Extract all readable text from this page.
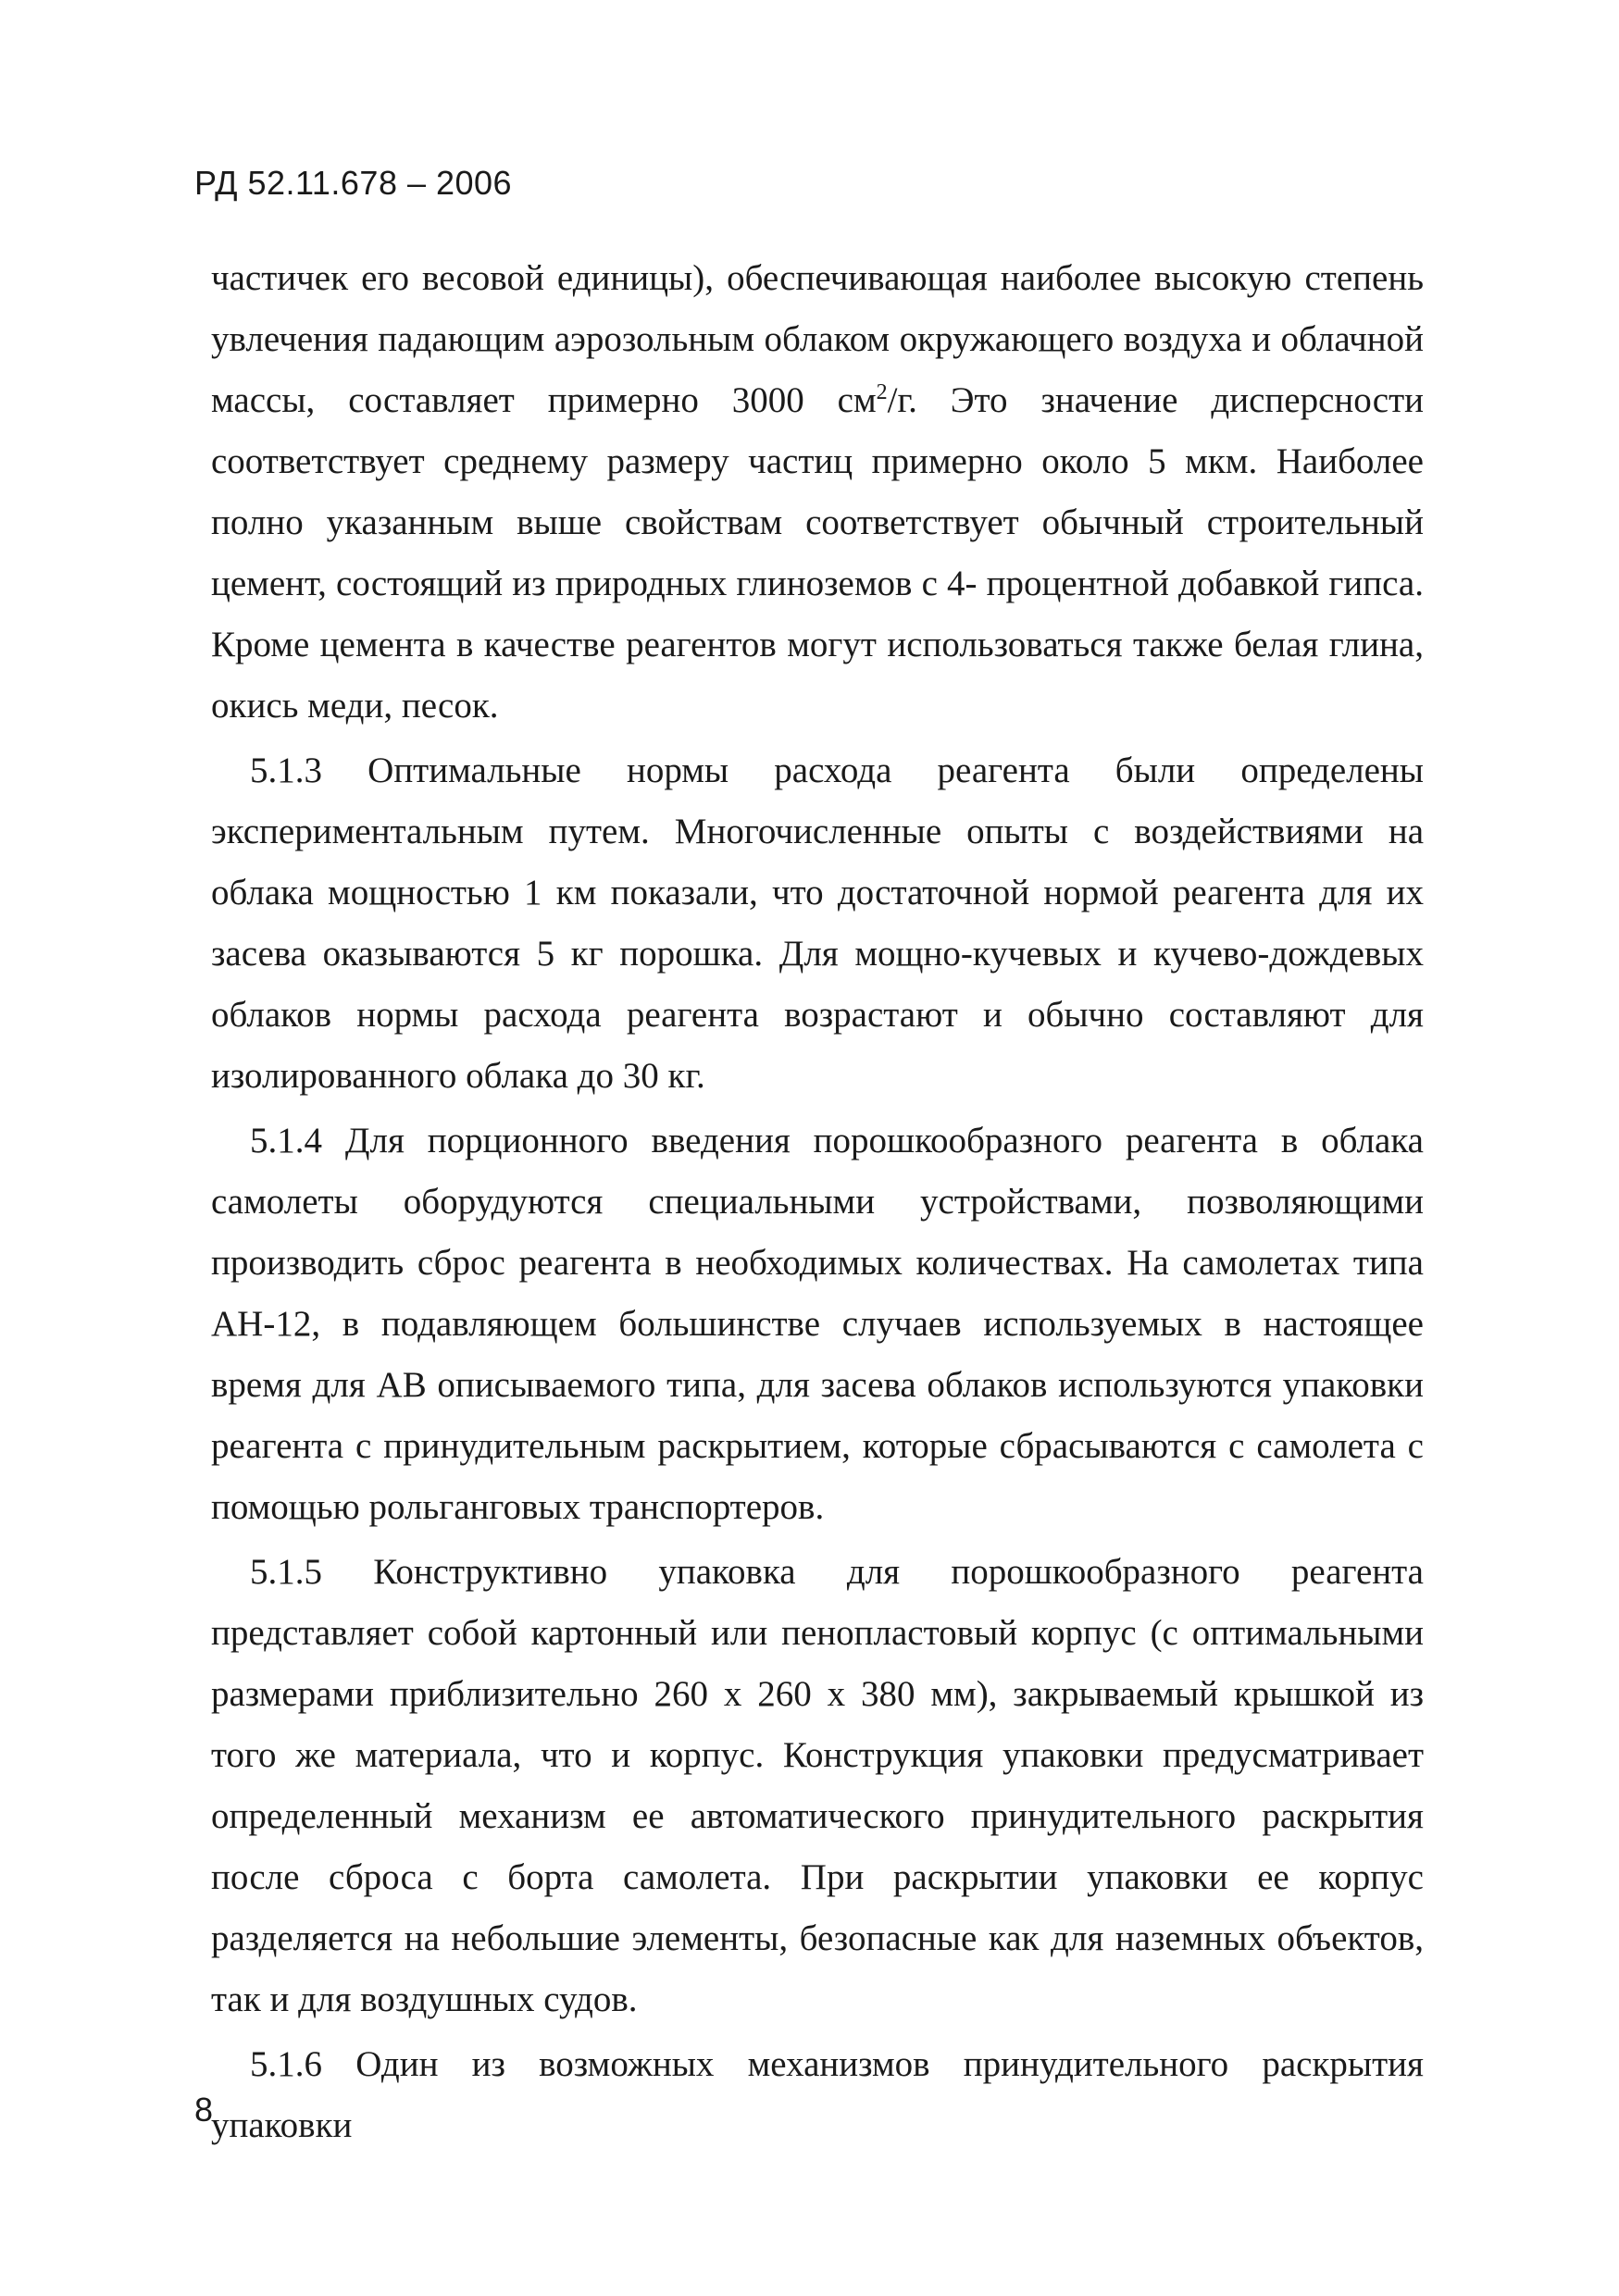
РД 52.11.678 – 2006

частичек его весовой единицы), обеспечивающая наиболее высокую степень увлечения падающим аэрозольным облаком окружающего воздуха и облачной массы, составляет примерно 3000 $см^2/г$. Это значение дисперсности соответствует среднему размеру частиц примерно около 5 мкм. Наиболее полно указанным выше свойствам соответствует обычный строительный цемент, состоящий из природных глиноземов с 4- процентной добавкой гипса. Кроме цемента в качестве реагентов могут использоваться также белая глина, окись меди, песок.

5.1.3 Оптимальные нормы расхода реагента были определены экспериментальным путем. Многочисленные опыты с воздействиями на облака мощностью 1 км показали, что достаточной нормой реагента для их засева оказываются 5 кг порошка. Для мощно-кучевых и кучево-дождевых облаков нормы расхода реагента возрастают и обычно составляют для изолированного облака до 30 кг.

5.1.4 Для порционного введения порошкообразного реагента в облака самолеты оборудуются специальными устройствами, позволяющими производить сброс реагента в необходимых количествах. На самолетах типа АН-12, в подавляющем большинстве случаев используемых в настоящее время для АВ описываемого типа, для засева облаков используются упаковки реагента с принудительным раскрытием, которые сбрасываются с самолета с помощью рольганговых транспортеров.

5.1.5 Конструктивно упаковка для порошкообразного реагента представляет собой картонный или пенопластовый корпус (с оптимальными размерами приблизительно 260 х 260 х 380 мм), закрываемый крышкой из того же материала, что и корпус. Конструкция упаковки предусматривает определенный механизм ее автоматического принудительного раскрытия после сброса с борта самолета. При раскрытии упаковки ее корпус разделяется на небольшие элементы, безопасные как для наземных объектов, так и для воздушных судов.

5.1.6 Один из возможных механизмов принудительного раскрытия упаковки

8
